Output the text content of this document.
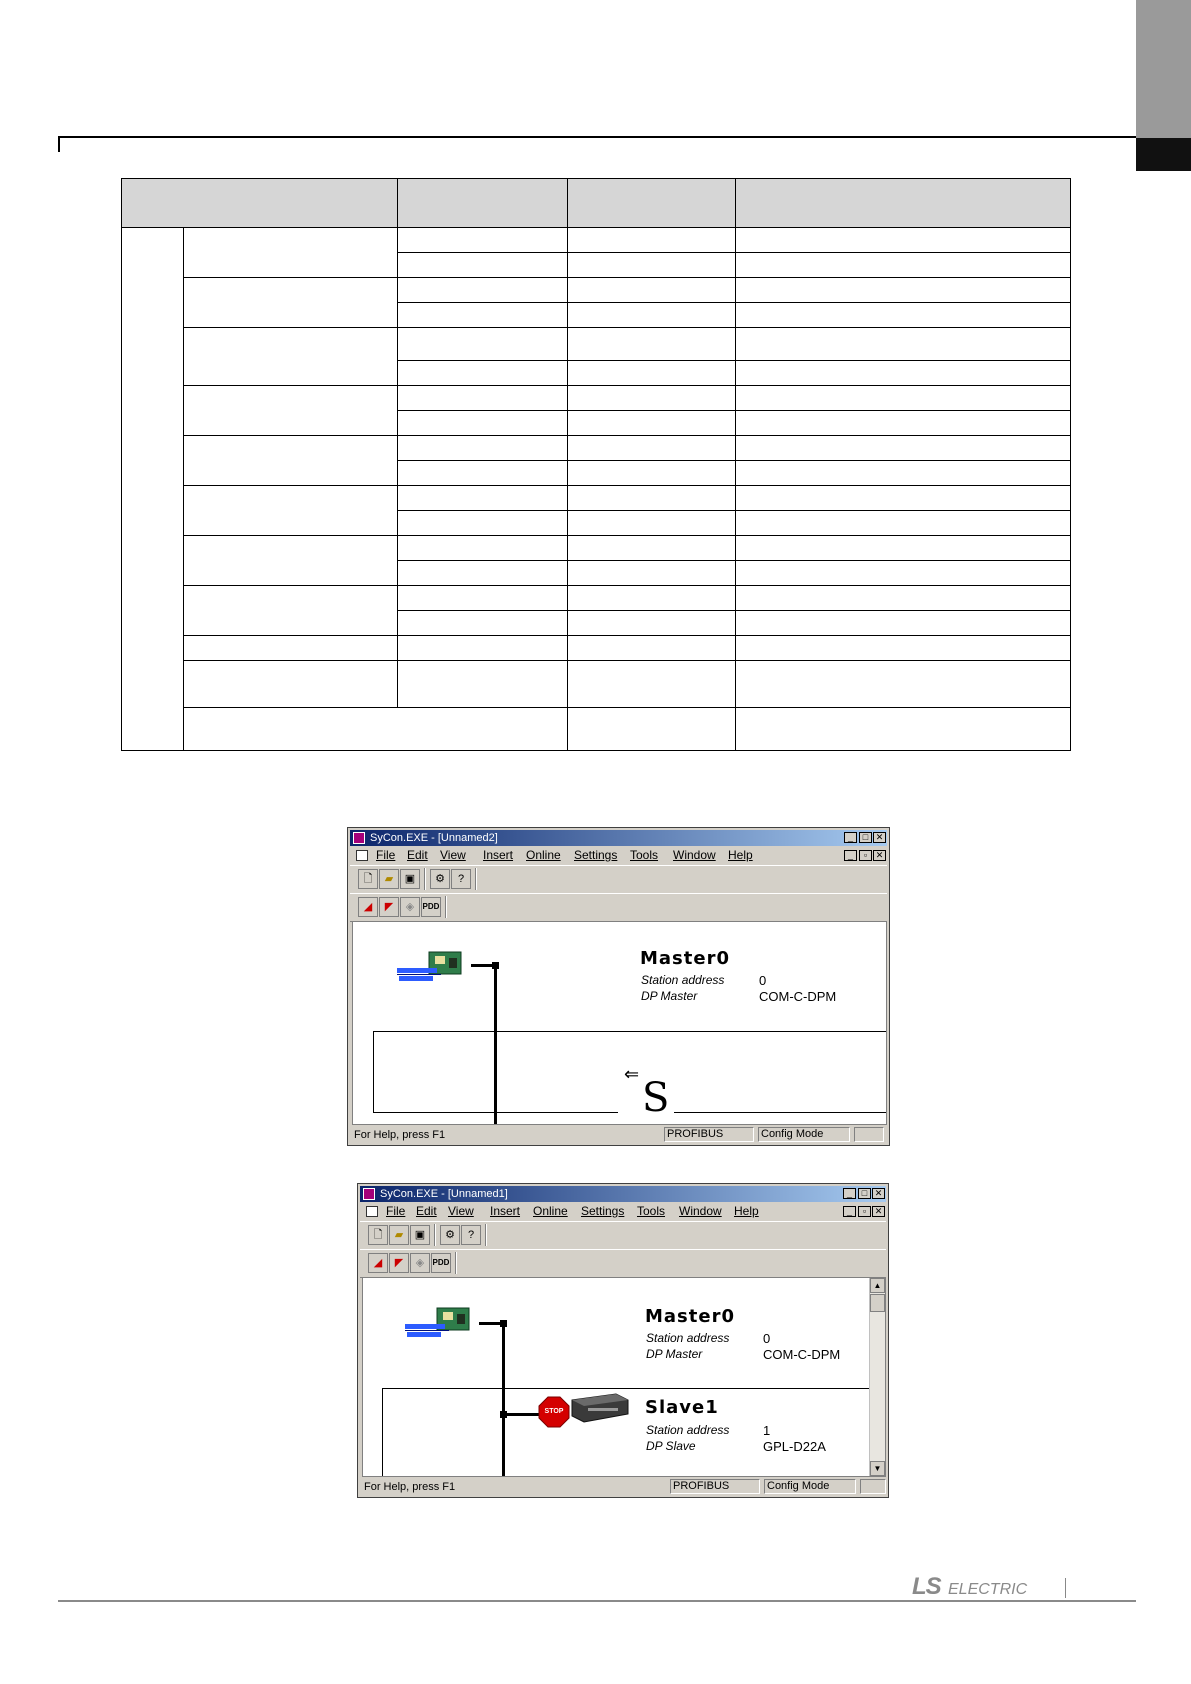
SyCon.EXE - [Unnamed2]	_	□ ✕
File Edit View Insert Online Settings Tools Window Help	_	▫ ✕
🗋	▰	▣	⚙	?
◢	◤	◈	PDD
Master0
Station address	0
DP Master	COM-C-DPM
⇐
S
For Help, press F1	PROFIBUS	Config Mode
SyCon.EXE - [Unnamed1]	_	□ ✕
File Edit View Insert Online Settings Tools Window Help	_	▫ ✕
🗋	▰	▣	⚙	?
◢	◤	◈	PDD
Master0
Station address	0
DP Master	COM-C-DPM
STOP	Slave1
Station address	1
DP Slave	GPL-D22A
▲
▼
For Help, press F1	PROFIBUS	Config Mode
LS ELECTRIC
